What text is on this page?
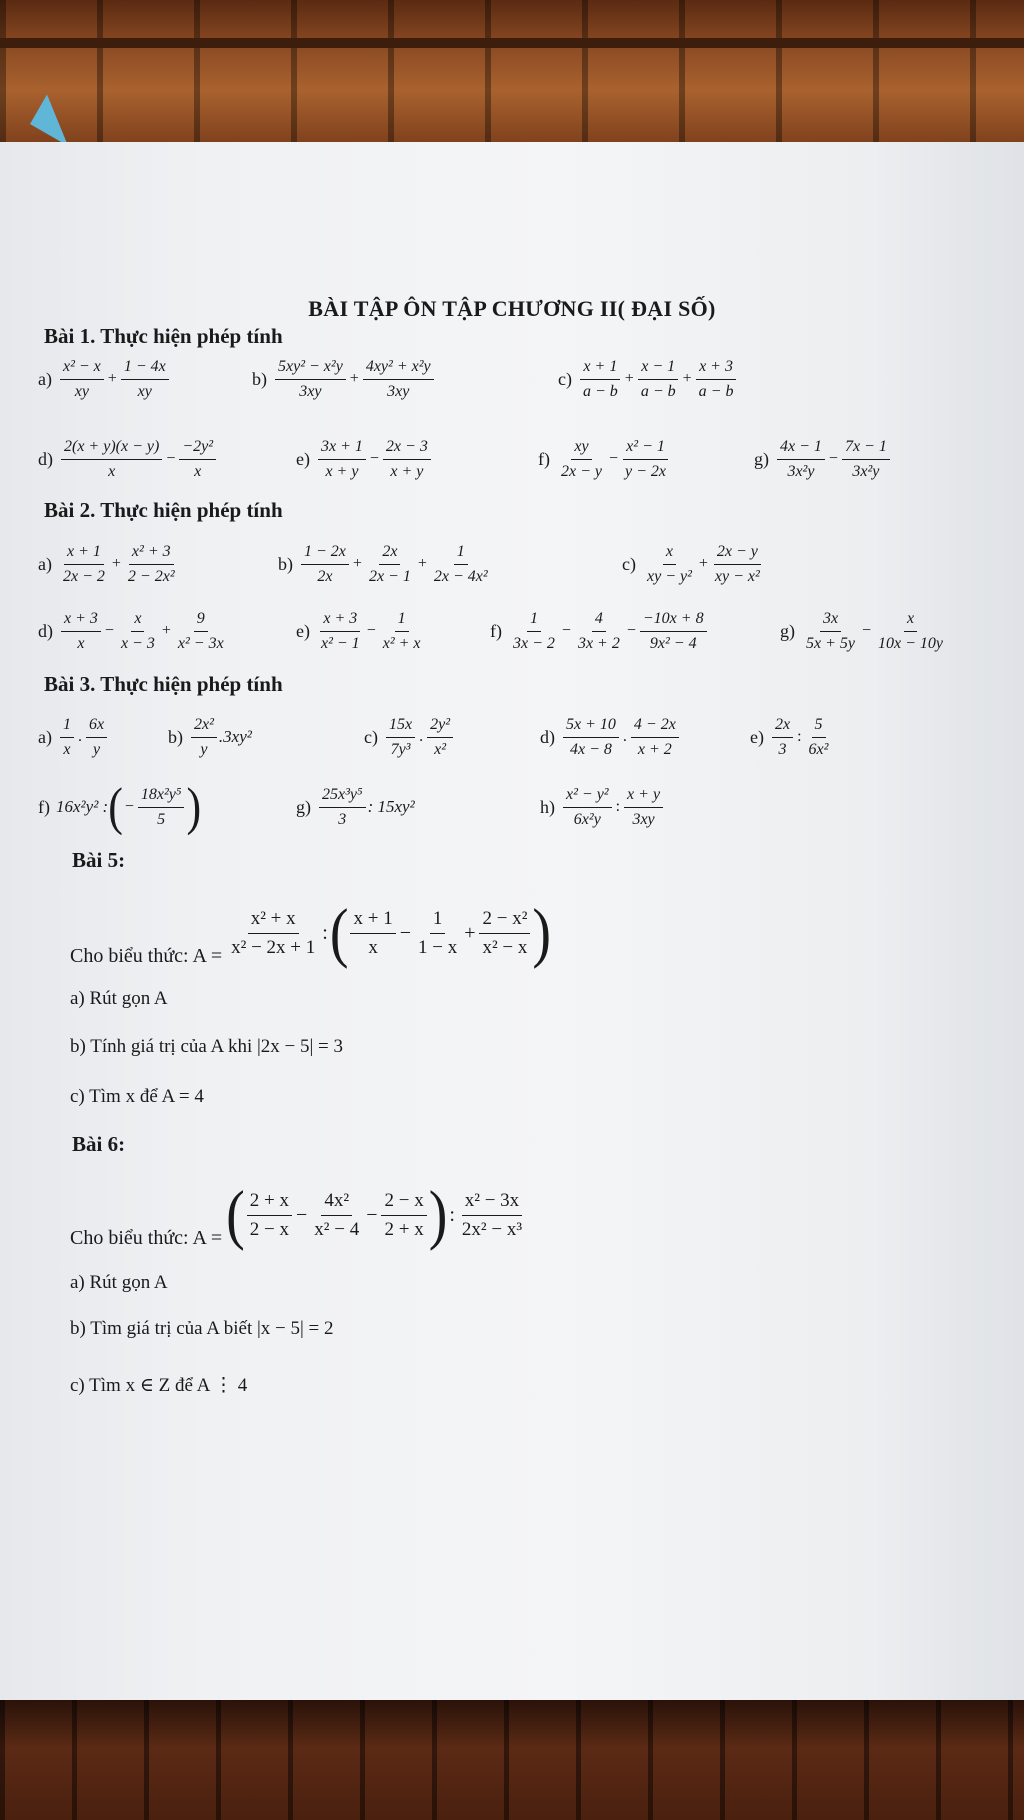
BÀI TẬP ÔN TẬP CHƯƠNG II( ĐẠI SỐ)
Bài 1. Thực hiện phép tính
$a) \frac{\text{x² − x}}{xy} + \frac{1 - 4x}{xy}$	$b) \frac{\text{5xy² − x²y}}{3xy} + \frac{\text{4xy² + x²y}}{3xy}$	$c) \frac{x + 1}{a - b} + \frac{x - 1}{a - b} + \frac{x + 3}{a - b}$
$d) \frac{2(x + y)(x - y)}{x} - \frac{\text{−2y²}}{x}$	$e) \frac{3x + 1}{x + y} - \frac{2x - 3}{x + y}$	$f) \frac{xy}{2x - y} - \frac{\text{x² − 1}}{y - 2x}$	$g) \frac{4x - 1}{\text{3x²y}} - \frac{7x - 1}{\text{3x²y}}$
Bài 2. Thực hiện phép tính
$a) \frac{x + 1}{2x - 2} + \frac{\text{x² + 3}}{\text{2 − 2x²}}$	$b) \frac{1 - 2x}{2x} + \frac{2x}{2x - 1} + \frac{1}{\text{2x − 4x²}}$	$c) \frac{x}{\text{xy − y²}} + \frac{2x - y}{\text{xy − x²}}$
$d) \frac{x + 3}{x} - \frac{x}{x - 3} + \frac{9}{\text{x² − 3x}}$	$e) \frac{x + 3}{\text{x² − 1}} - \frac{1}{\text{x² + x}}$	$f) \frac{1}{3x - 2} - \frac{4}{3x + 2} - \frac{-10x + 8}{\text{9x² − 4}}$	$g) \frac{3x}{5x + 5y} - \frac{x}{10x - 10y}$
Bài 3. Thực hiện phép tính
$a) \frac{1}{x}$ . $\frac{6x}{y}$	$b) \frac{\text{2x²}}{y} .3xy^2$	$c) \frac{15x}{\text{7y³}}$ . $\frac{\text{2y²}}{\text{x²}}$	$d) \frac{5x + 10}{4x - 8}$ . $\frac{4 - 2x}{x + 2}$	$e) \frac{2x}{3}$ : $\frac{5}{\text{6x²}}$
f) 16x²y² : ( − $\frac{\text{18x²y⁵}}{5}$ )	$g) \frac{\text{25x³y⁵}}{3}$ : 15xy²	$h) \frac{\text{x² − y²}}{\text{6x²y}}$ : $\frac{x + y}{3xy}$
Bài 5:
Cho biểu thức: $A = \frac{\text{x² + x}}{\text{x² − 2x + 1}}$ : ( $\frac{x + 1}{x} - \frac{1}{1 - x} + \frac{\text{2 − x²}}{\text{x² − x}}$ )
a) Rút gọn A
b) Tính giá trị của A khi |2x − 5| = 3
c) Tìm x để A = 4
Bài 6:
Cho biểu thức: A = ( $\frac{2 + x}{2 - x} - \frac{\text{4x²}}{\text{x² − 4}} - \frac{2 - x}{2 + x}$ ) : $\frac{\text{x² − 3x}}{\text{2x² − x³}}$
a) Rút gọn A
b) Tìm giá trị của A biết |x − 5| = 2
c) Tìm x ∈ Z để A ⋮ 4
